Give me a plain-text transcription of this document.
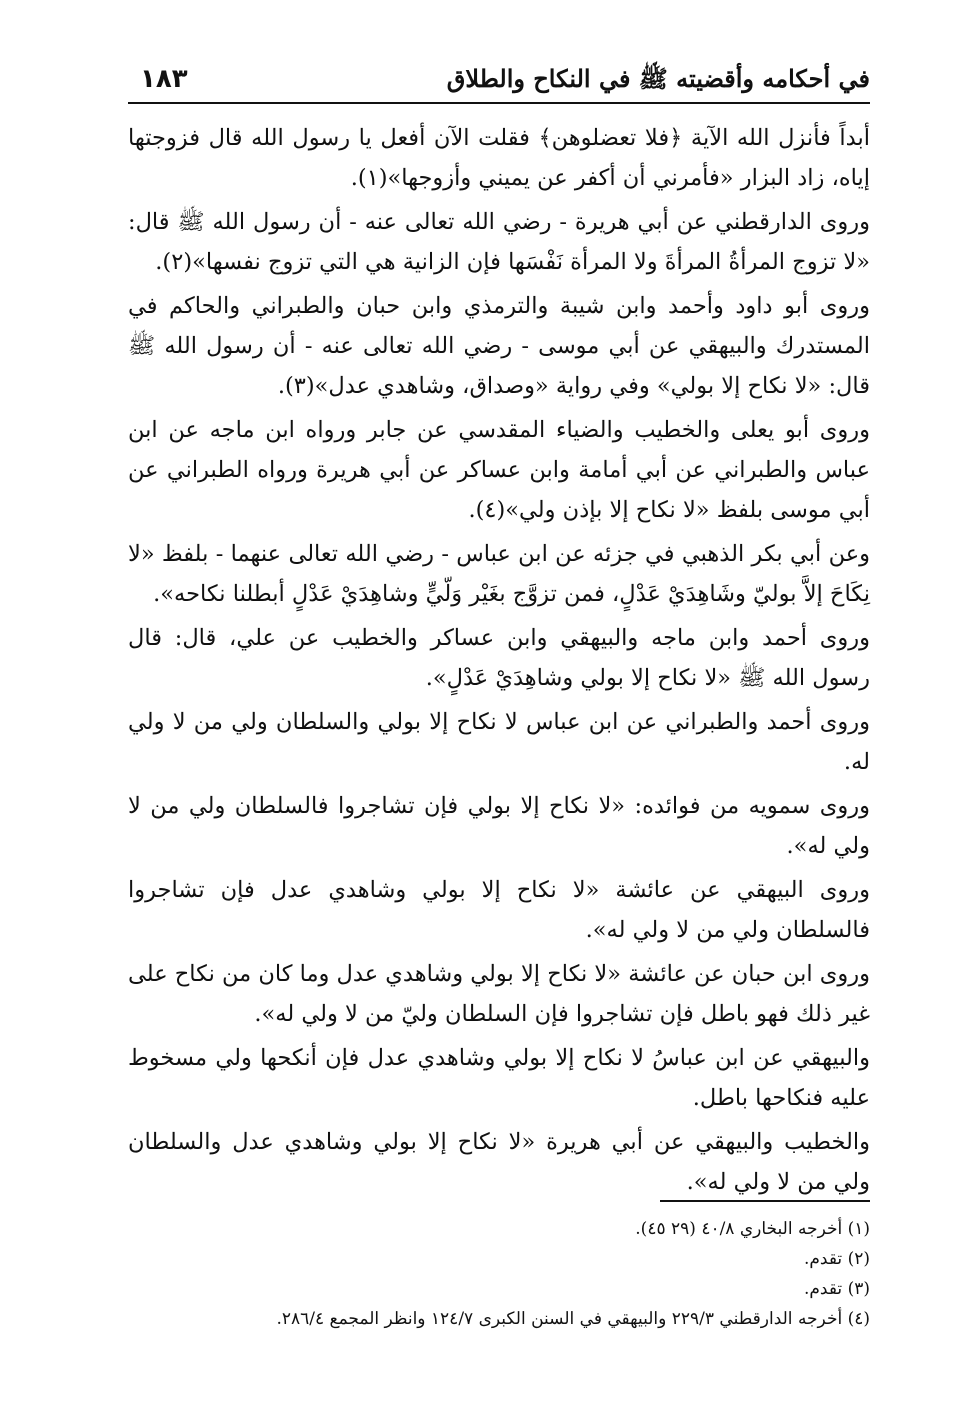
في أحكامه وأقضيته ﷺ في النكاح والطلاق
١٨٣

أبداً فأنزل الله الآية ﴿فلا تعضلوهن﴾ فقلت الآن أفعل يا رسول الله قال فزوجتها إياه، زاد البزار «فأمرني أن أكفر عن يميني وأزوجها»(١).

وروى الدارقطني عن أبي هريرة - رضي الله تعالى عنه - أن رسول الله ﷺ قال: «لا تزوج المرأةُ المرأةَ ولا المرأة نَفْسَها فإن الزانية هي التي تزوج نفسها»(٢).

وروى أبو داود وأحمد وابن شيبة والترمذي وابن حبان والطبراني والحاكم في المستدرك والبيهقي عن أبي موسى - رضي الله تعالى عنه - أن رسول الله ﷺ قال: «لا نكاح إلا بولي» وفي رواية «وصداق، وشاهدي عدل»(٣).

وروى أبو يعلى والخطيب والضياء المقدسي عن جابر ورواه ابن ماجه عن ابن عباس والطبراني عن أبي أمامة وابن عساكر عن أبي هريرة ورواه الطبراني عن أبي موسى بلفظ «لا نكاح إلا بإذن ولي»(٤).

وعن أبي بكر الذهبي في جزئه عن ابن عباس - رضي الله تعالى عنهما - بلفظ «لا نِكَاحَ إلاَّ بوليّ وشَاهِدَيْ عَدْلٍ، فمن تزوَّج بغَيْر وَلّيٍّ وشاهِدَيْ عَدْلٍ أبطلنا نكاحه».

وروى أحمد وابن ماجه والبيهقي وابن عساكر والخطيب عن علي، قال: قال رسول الله ﷺ «لا نكاح إلا بولي وشاهِدَيْ عَدْلٍ».

وروى أحمد والطبراني عن ابن عباس لا نكاح إلا بولي والسلطان ولي من لا ولي له.

وروى سمويه من فوائده: «لا نكاح إلا بولي فإن تشاجروا فالسلطان ولي من لا ولي له».

وروى البيهقي عن عائشة «لا نكاح إلا بولي وشاهدي عدل فإن تشاجروا فالسلطان ولي من لا ولي له».

وروى ابن حبان عن عائشة «لا نكاح إلا بولي وشاهدي عدل وما كان من نكاح على غير ذلك فهو باطل فإن تشاجروا فإن السلطان وليّ من لا ولي له».

والبيهقي عن ابن عباسُ لا نكاح إلا بولي وشاهدي عدل فإن أنكحها ولي مسخوط عليه فنكاحها باطل.

والخطيب والبيهقي عن أبي هريرة «لا نكاح إلا بولي وشاهدي عدل والسلطان ولي من لا ولي له».

(١) أخرجه البخاري ٤٠/٨ (٢٩ ٤٥).

(٢) تقدم.

(٣) تقدم.

(٤) أخرجه الدارقطني ٢٢٩/٣ والبيهقي في السنن الكبرى ١٢٤/٧ وانظر المجمع ٢٨٦/٤.
